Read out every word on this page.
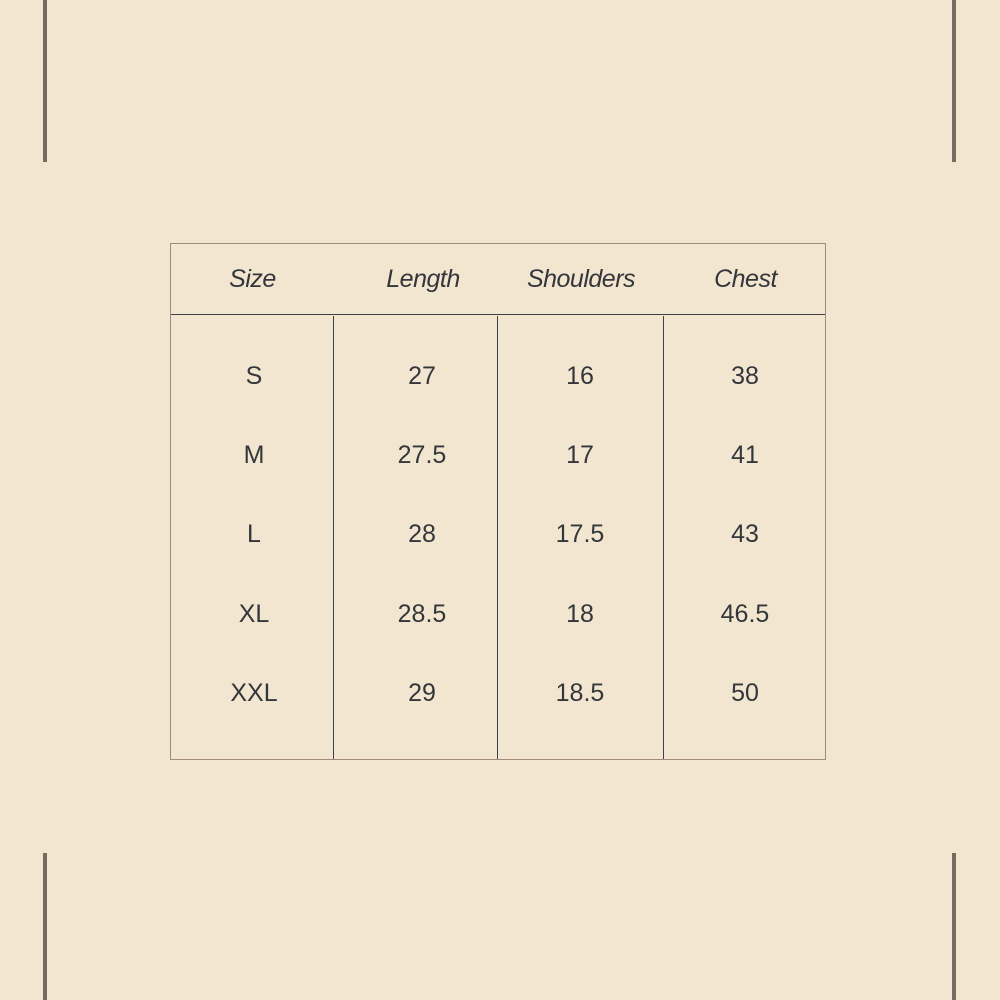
Size	Length	Shoulders	Chest
S	27	16	38
M	27.5	17	41
L	28	17.5	43
XL	28.5	18	46.5
XXL	29	18.5	50
